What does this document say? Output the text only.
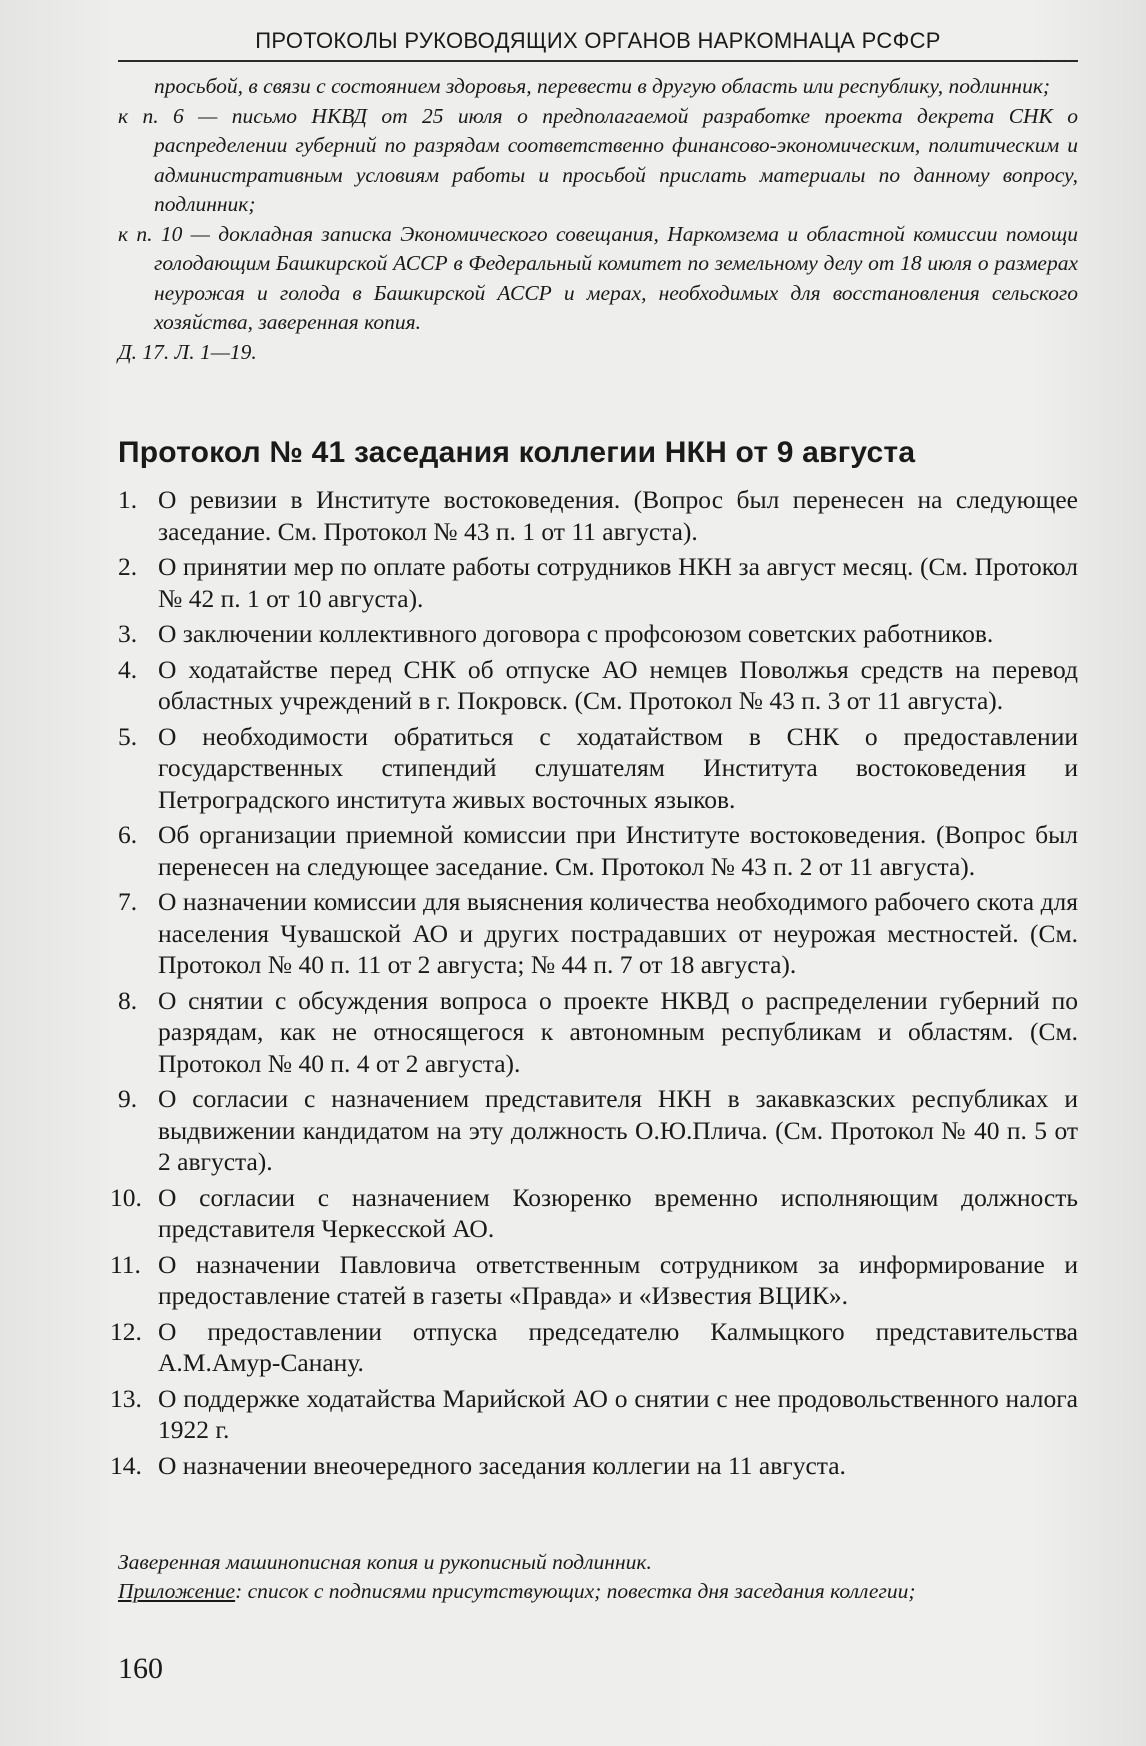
ПРОТОКОЛЫ РУКОВОДЯЩИХ ОРГАНОВ НАРКОМНАЦА РСФСР

просьбой, в связи с состоянием здоровья, перевести в другую область или республику, подлинник;

к п. 6 — письмо НКВД от 25 июля о предполагаемой разработке проекта декрета СНК о распределении губерний по разрядам соответственно финансово-экономическим, политическим и административным условиям работы и просьбой прислать материалы по данному вопросу, подлинник;

к п. 10 — докладная записка Экономического совещания, Наркомзема и областной комиссии помощи голодающим Башкирской АССР в Федеральный комитет по земельному делу от 18 июля о размерах неурожая и голода в Башкирской АССР и мерах, необходимых для восстановления сельского хозяйства, заверенная копия.

Д. 17. Л. 1—19.

Протокол № 41 заседания коллегии НКН от 9 августа
1. О ревизии в Институте востоковедения. (Вопрос был перенесен на следующее заседание. См. Протокол № 43 п. 1 от 11 августа).
2. О принятии мер по оплате работы сотрудников НКН за август месяц. (См. Протокол № 42 п. 1 от 10 августа).
3. О заключении коллективного договора с профсоюзом советских работников.
4. О ходатайстве перед СНК об отпуске АО немцев Поволжья средств на перевод областных учреждений в г. Покровск. (См. Протокол № 43 п. 3 от 11 августа).
5. О необходимости обратиться с ходатайством в СНК о предоставлении государственных стипендий слушателям Института востоковедения и Петроградского института живых восточных языков.
6. Об организации приемной комиссии при Институте востоковедения. (Вопрос был перенесен на следующее заседание. См. Протокол № 43 п. 2 от 11 августа).
7. О назначении комиссии для выяснения количества необходимого рабочего скота для населения Чувашской АО и других пострадавших от неурожая местностей. (См. Протокол № 40 п. 11 от 2 августа; № 44 п. 7 от 18 августа).
8. О снятии с обсуждения вопроса о проекте НКВД о распределении губерний по разрядам, как не относящегося к автономным республикам и областям. (См. Протокол № 40 п. 4 от 2 августа).
9. О согласии с назначением представителя НКН в закавказских республиках и выдвижении кандидатом на эту должность О.Ю.Плича. (См. Протокол № 40 п. 5 от 2 августа).
10. О согласии с назначением Козюренко временно исполняющим должность представителя Черкесской АО.
11. О назначении Павловича ответственным сотрудником за информирование и предоставление статей в газеты «Правда» и «Известия ВЦИК».
12. О предоставлении отпуска председателю Калмыцкого представительства А.М.Амур-Санану.
13. О поддержке ходатайства Марийской АО о снятии с нее продовольственного налога 1922 г.
14. О назначении внеочередного заседания коллегии на 11 августа.
Заверенная машинописная копия и рукописный подлинник.
Приложение: список с подписями присутствующих; повестка дня заседания коллегии;
160
